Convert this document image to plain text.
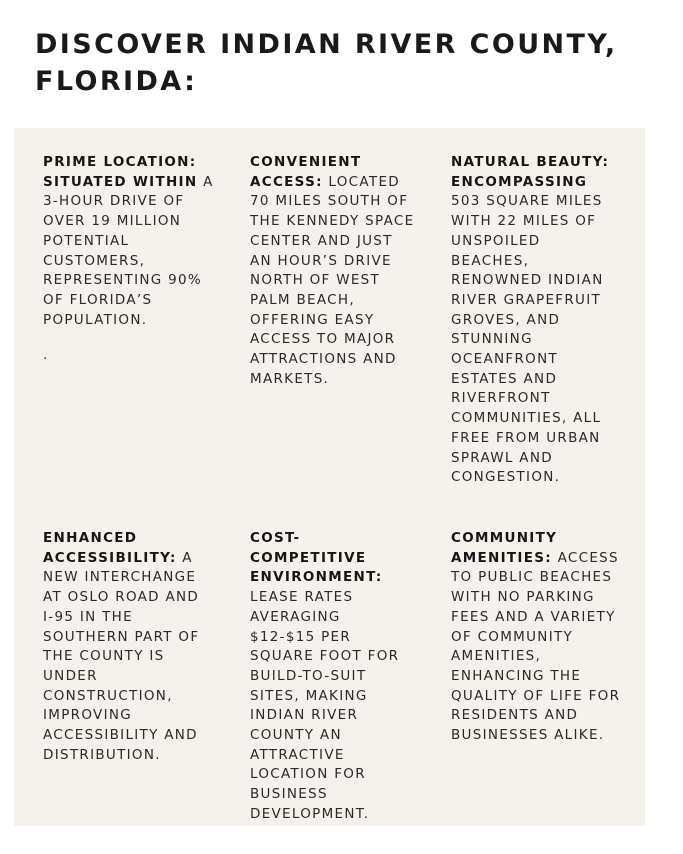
DISCOVER INDIAN RIVER COUNTY, FLORIDA:
PRIME LOCATION: SITUATED WITHIN A 3-HOUR DRIVE OF OVER 19 MILLION POTENTIAL CUSTOMERS, REPRESENTING 90% OF FLORIDA’S POPULATION.
.
CONVENIENT ACCESS: LOCATED 70 MILES SOUTH OF THE KENNEDY SPACE CENTER AND JUST AN HOUR’S DRIVE NORTH OF WEST PALM BEACH, OFFERING EASY ACCESS TO MAJOR ATTRACTIONS AND MARKETS.
NATURAL BEAUTY: ENCOMPASSING 503 SQUARE MILES WITH 22 MILES OF UNSPOILED BEACHES, RENOWNED INDIAN RIVER GRAPEFRUIT GROVES, AND STUNNING OCEANFRONT ESTATES AND RIVERFRONT COMMUNITIES, ALL FREE FROM URBAN SPRAWL AND CONGESTION.
ENHANCED ACCESSIBILITY: A NEW INTERCHANGE AT OSLO ROAD AND I-95 IN THE SOUTHERN PART OF THE COUNTY IS UNDER CONSTRUCTION, IMPROVING ACCESSIBILITY AND DISTRIBUTION.
COST-COMPETITIVE ENVIRONMENT: LEASE RATES AVERAGING $12-$15 PER SQUARE FOOT FOR BUILD-TO-SUIT SITES, MAKING INDIAN RIVER COUNTY AN ATTRACTIVE LOCATION FOR BUSINESS DEVELOPMENT.
COMMUNITY AMENITIES: ACCESS TO PUBLIC BEACHES WITH NO PARKING FEES AND A VARIETY OF COMMUNITY AMENITIES, ENHANCING THE QUALITY OF LIFE FOR RESIDENTS AND BUSINESSES ALIKE.
